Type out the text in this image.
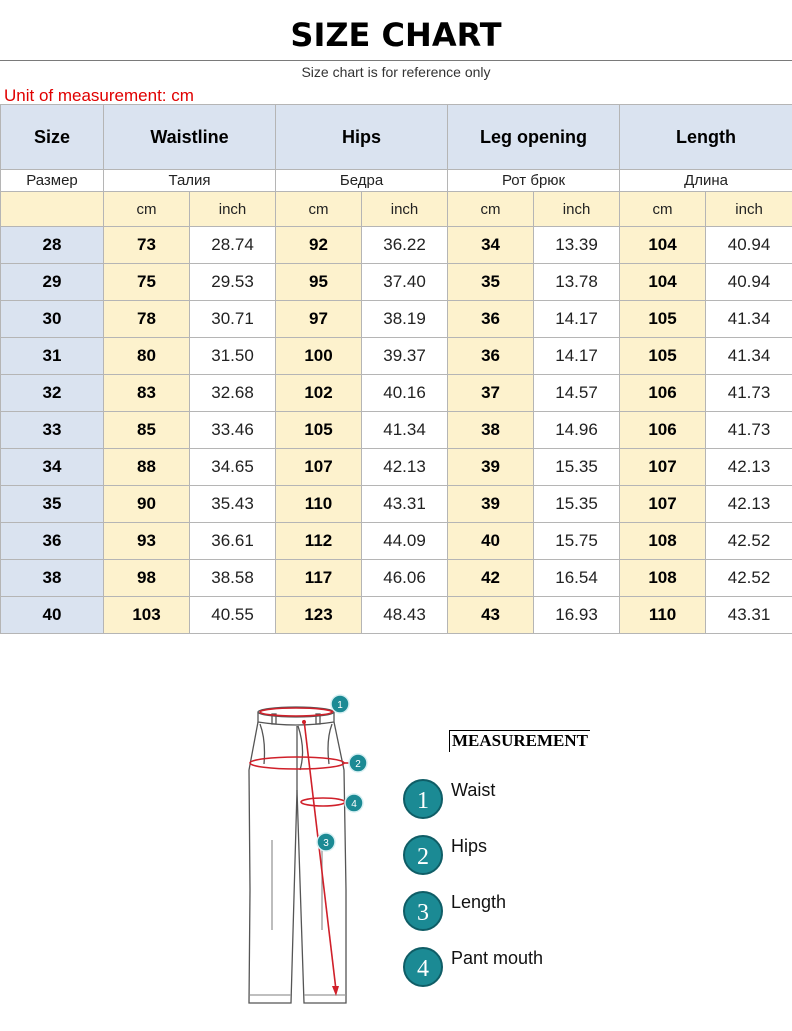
SIZE CHART
Size chart is for reference only
Unit of measurement: cm
Size	Waistline		Hips		Leg opening		Length	
Размер	Талия		Бедра		Рот брюк		Длина	
	cm	inch	cm	inch	cm	inch	cm	inch
28	73	28.74	92	36.22	34	13.39	104	40.94
29	75	29.53	95	37.40	35	13.78	104	40.94
30	78	30.71	97	38.19	36	14.17	105	41.34
31	80	31.50	100	39.37	36	14.17	105	41.34
32	83	32.68	102	40.16	37	14.57	106	41.73
33	85	33.46	105	41.34	38	14.96	106	41.73
34	88	34.65	107	42.13	39	15.35	107	42.13
35	90	35.43	110	43.31	39	15.35	107	42.13
36	93	36.61	112	44.09	40	15.75	108	42.52
38	98	38.58	117	46.06	42	16.54	108	42.52
40	103	40.55	123	48.43	43	16.93	110	43.31
1
2
4
3
MEASUREMENT
1 Waist
2 Hips
3 Length
4 Pant mouth
